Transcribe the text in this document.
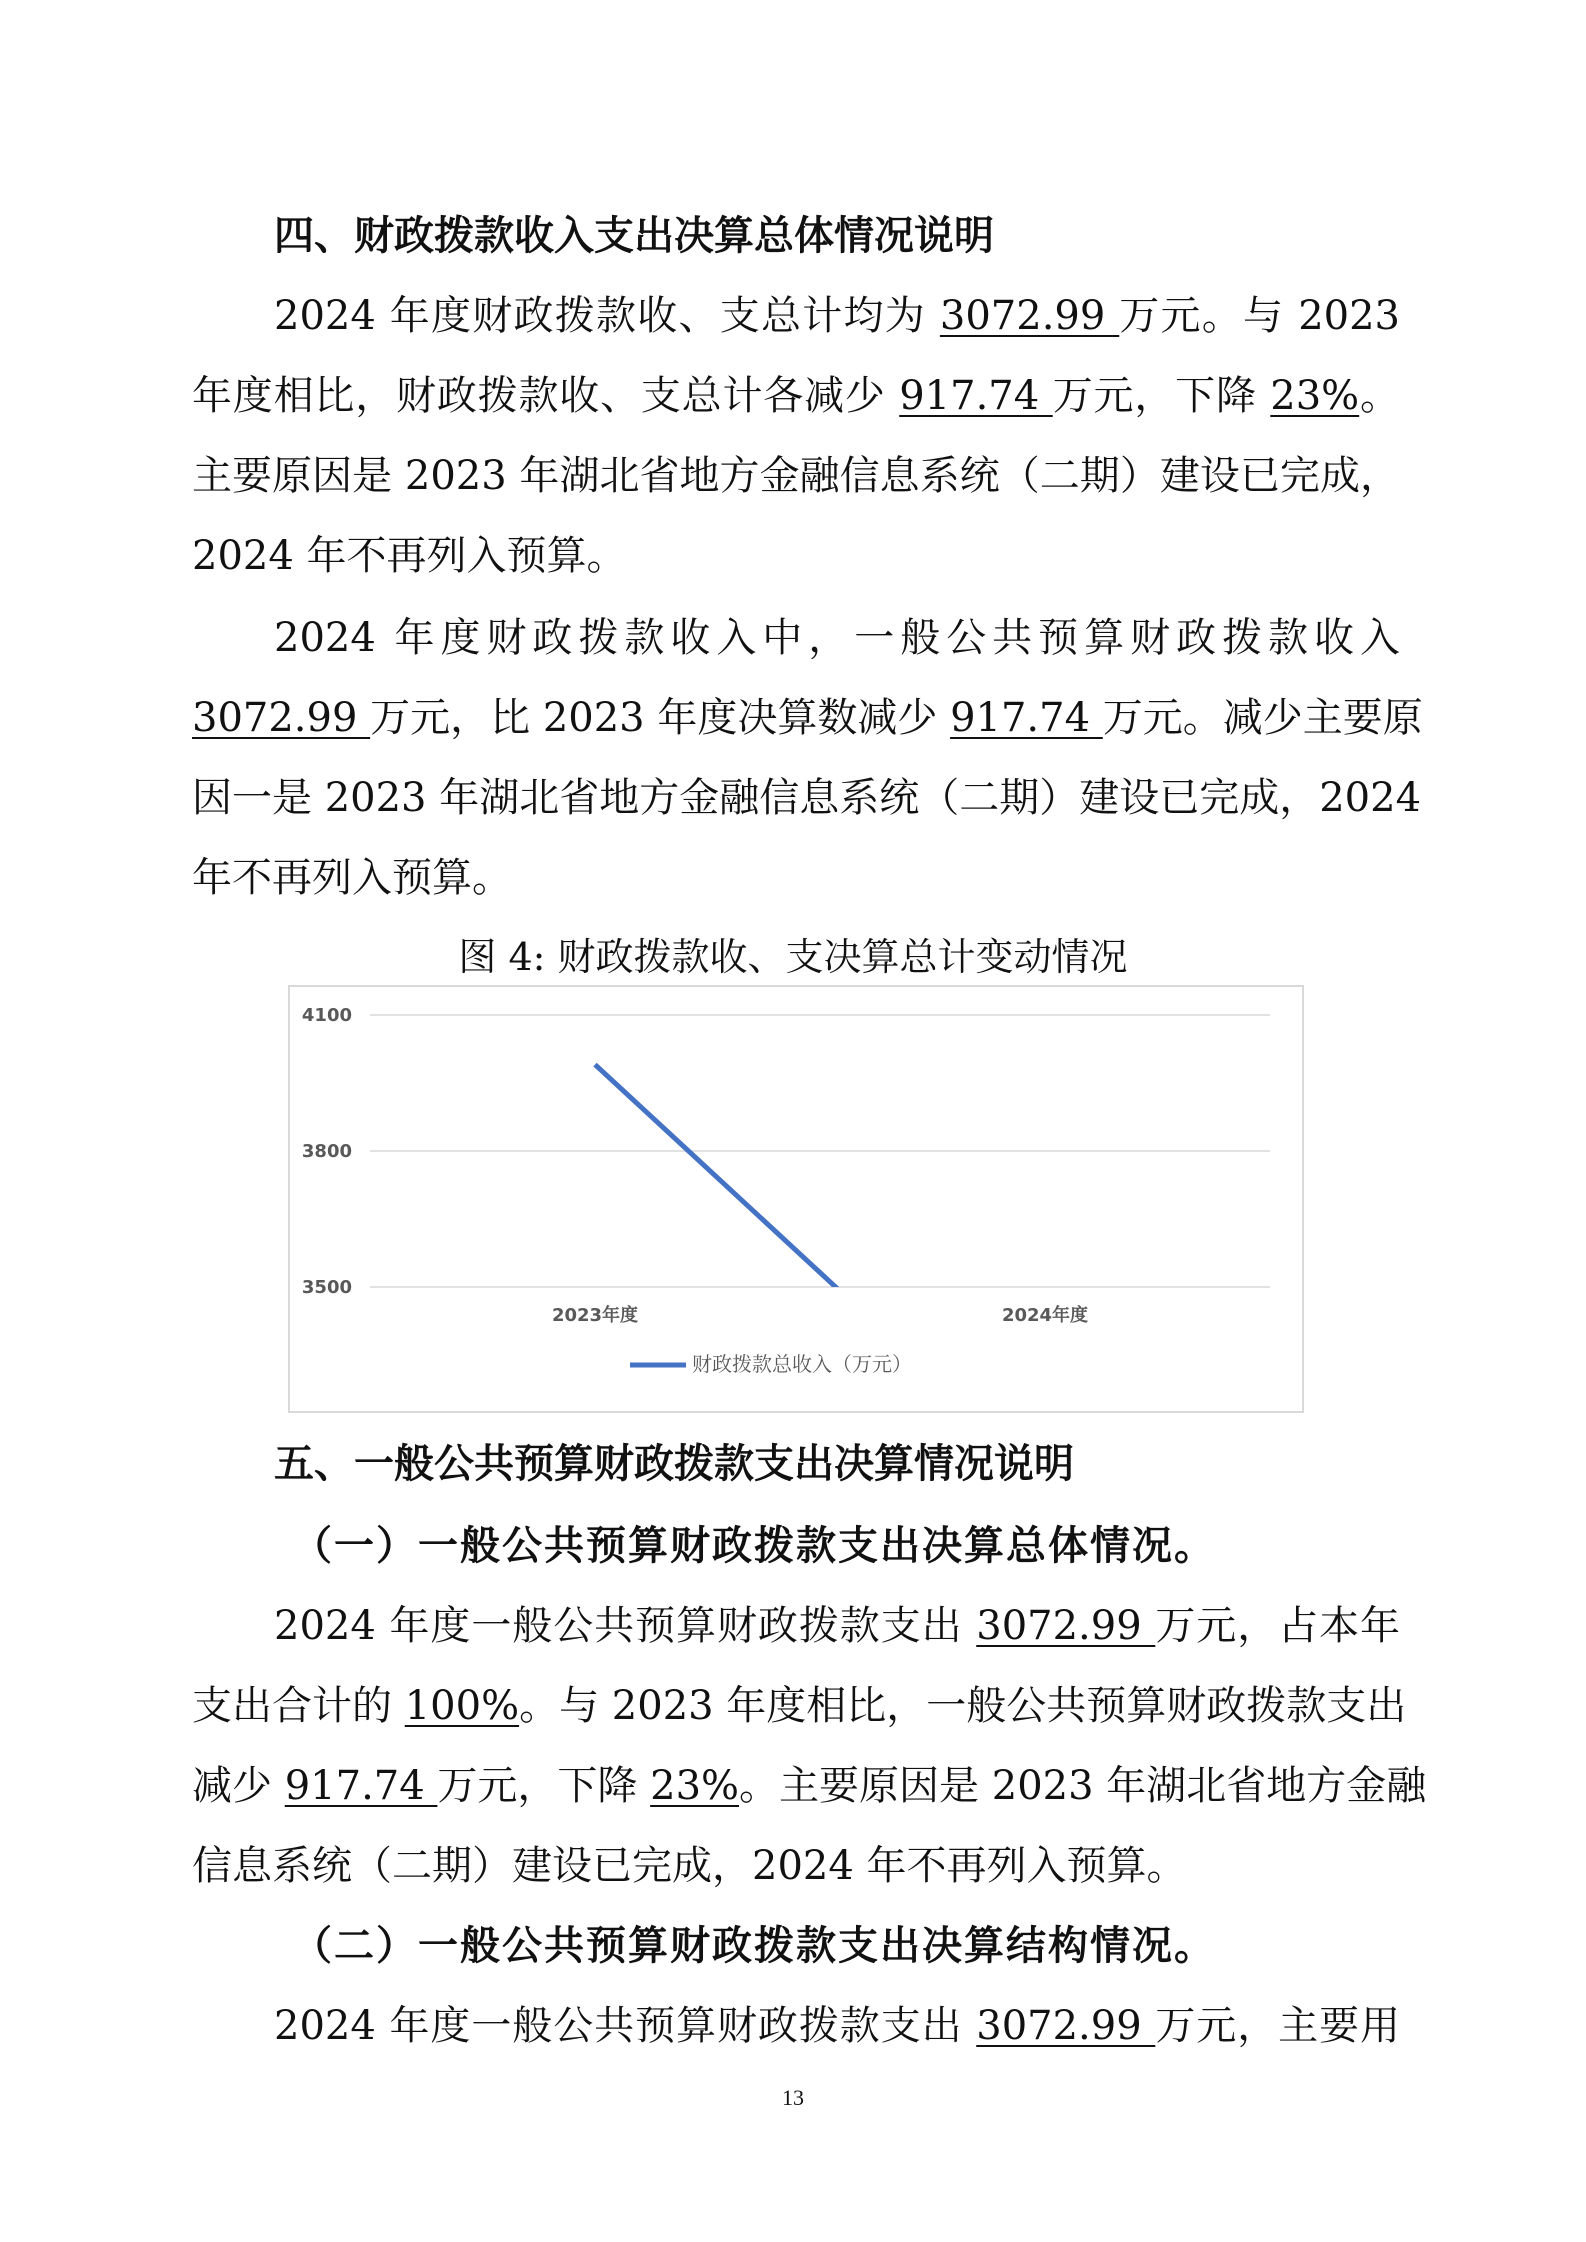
四、财政拨款收入支出决算总体情况说明
2024 年度财政拨款收、支总计均为 3072.99 万元。与 2023
年度相比，财政拨款收、支总计各减少 917.74 万元，下降 23%。
主要原因是 2023 年湖北省地方金融信息系统（二期）建设已完成，
2024 年不再列入预算。
2024 年度财政拨款收入中，一般公共预算财政拨款收入
3072.99 万元，比 2023 年度决算数减少 917.74 万元。减少主要原
因一是 2023 年湖北省地方金融信息系统（二期）建设已完成，2024
年不再列入预算。
图 4: 财政拨款收、支决算总计变动情况
4100
3800
3500
2023年度	2024年度
财政拨款总收入（万元）
五、一般公共预算财政拨款支出决算情况说明
（一）一般公共预算财政拨款支出决算总体情况。
2024 年度一般公共预算财政拨款支出 3072.99 万元，占本年
支出合计的 100%。与 2023 年度相比，一般公共预算财政拨款支出
减少 917.74 万元，下降 23%。主要原因是 2023 年湖北省地方金融
信息系统（二期）建设已完成，2024 年不再列入预算。
（二）一般公共预算财政拨款支出决算结构情况。
2024 年度一般公共预算财政拨款支出 3072.99 万元，主要用
13
